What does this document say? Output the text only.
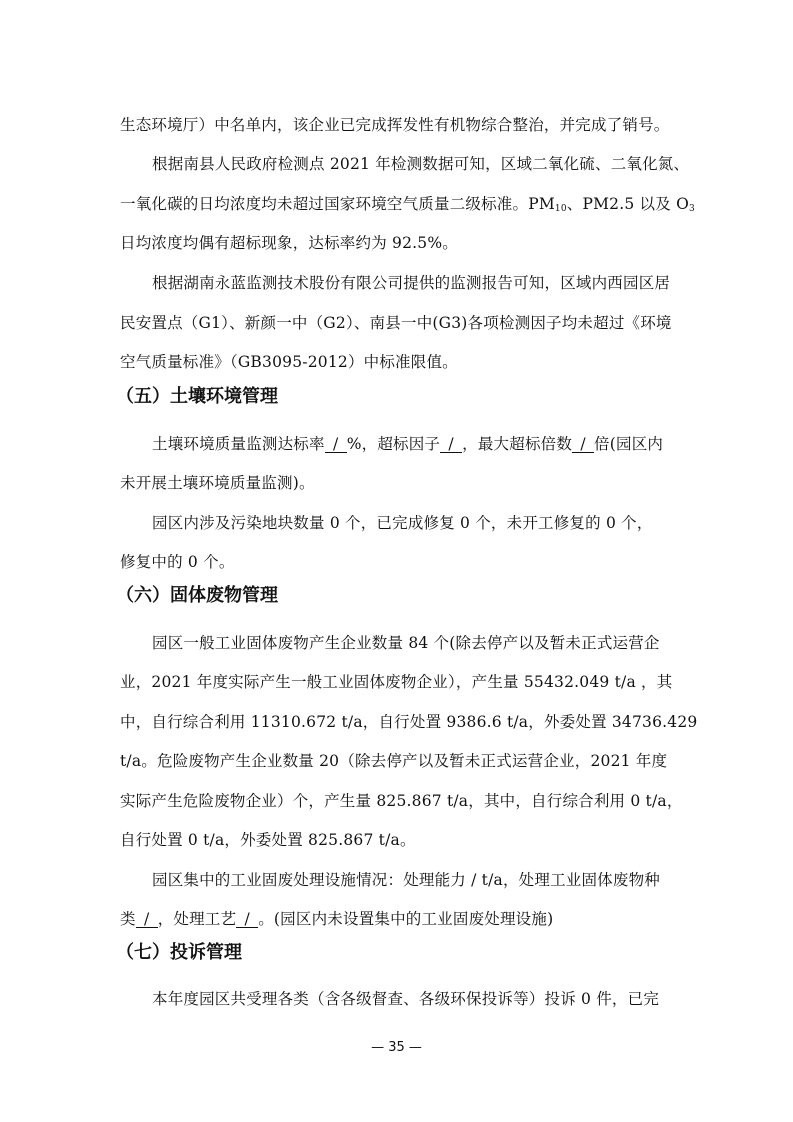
生态环境厅）中名单内，该企业已完成挥发性有机物综合整治，并完成了销号。
根据南县人民政府检测点 2021 年检测数据可知，区域二氧化硫、二氧化氮、
一氧化碳的日均浓度均未超过国家环境空气质量二级标准。$PM_{10}$、PM2.5 以及 $O_3$
日均浓度均偶有超标现象，达标率约为 92.5%。
根据湖南永蓝监测技术股份有限公司提供的监测报告可知，区域内西园区居
民安置点（G1）、新颜一中（G2）、南县一中(G3)各项检测因子均未超过《环境
空气质量标准》（GB3095-2012）中标准限值。
（五）土壤环境管理
土壤环境质量监测达标率 / %，超标因子 / ，最大超标倍数 / 倍(园区内
未开展土壤环境质量监测)。
园区内涉及污染地块数量 0 个，已完成修复 0 个，未开工修复的 0 个，
修复中的 0 个。
（六）固体废物管理
园区一般工业固体废物产生企业数量 84 个(除去停产以及暂未正式运营企
业，2021 年度实际产生一般工业固体废物企业），产生量 55432.049 t/a ，其
中，自行综合利用 11310.672 t/a，自行处置 9386.6 t/a，外委处置 34736.429
t/a。危险废物产生企业数量 20（除去停产以及暂未正式运营企业，2021 年度
实际产生危险废物企业）个，产生量 825.867 t/a，其中，自行综合利用 0 t/a，
自行处置 0 t/a，外委处置 825.867 t/a。
园区集中的工业固废处理设施情况：处理能力 / t/a，处理工业固体废物种
类 / ，处理工艺 / 。(园区内未设置集中的工业固废处理设施)
（七）投诉管理
本年度园区共受理各类（含各级督查、各级环保投诉等）投诉 0 件，已完
— 35 —
